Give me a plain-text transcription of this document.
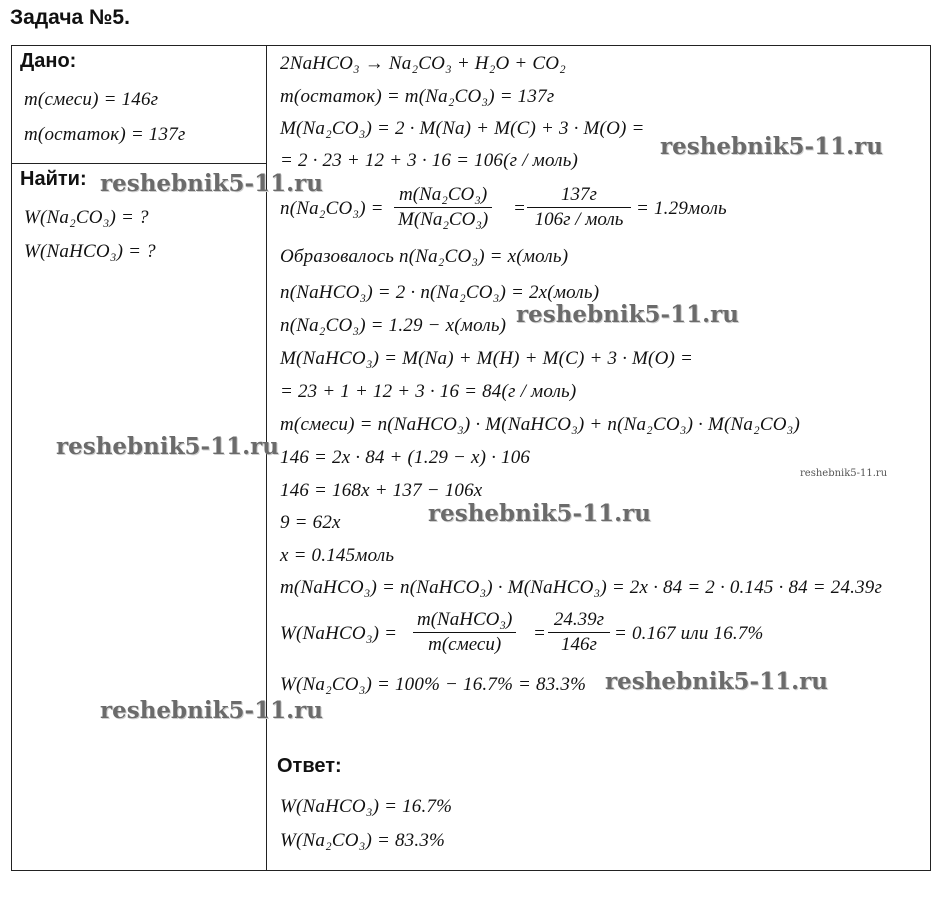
Задача №5.
Дано:
m(смеси) = 146г
m(остаток) = 137г
Найти:
W(Na₂CO₃) = ?
W(NaHCO₃) = ?
2NaHCO₃ → Na₂CO₃ + H₂O + CO₂
m(остаток) = m(Na₂CO₃) = 137г
M(Na₂CO₃) = 2 · M(Na) + M(C) + 3 · M(O) =
= 2 · 23 + 12 + 3 · 16 = 106(г / моль)
$n(Na_2CO_3) = \frac{\text{m(Na₂CO₃)}}{\text{M(Na₂CO₃)}}$ =
137г
106г / моль
= 1.29моль
Образовалось n(Na₂CO₃) = x(моль)
n(NaHCO₃) = 2 · n(Na₂CO₃) = 2x(моль)
n(Na₂CO₃) = 1.29 − x(моль)
M(NaHCO₃) = M(Na) + M(H) + M(C) + 3 · M(O) =
= 23 + 1 + 12 + 3 · 16 = 84(г / моль)
m(смеси) = n(NaHCO₃) · M(NaHCO₃) + n(Na₂CO₃) · M(Na₂CO₃)
146 = 2x · 84 + (1.29 − x) · 106
146 = 168x + 137 − 106x
9 = 62x
x = 0.145моль
m(NaHCO₃) = n(NaHCO₃) · M(NaHCO₃) = 2x · 84 = 2 · 0.145 · 84 = 24.39г
W(NaHCO₃) =
m(NaHCO₃)
m(смеси)
=
24.39г
146г
= 0.167 или 16.7%
W(Na₂CO₃) = 100% − 16.7% = 83.3%
Ответ:
W(NaHCO₃) = 16.7%
W(Na₂CO₃) = 83.3%
reshebnik5-11.ru
reshebnik5-11.ru
reshebnik5-11.ru
reshebnik5-11.ru
reshebnik5-11.ru
reshebnik5-11.ru
reshebnik5-11.ru
reshebnik5-11.ru
